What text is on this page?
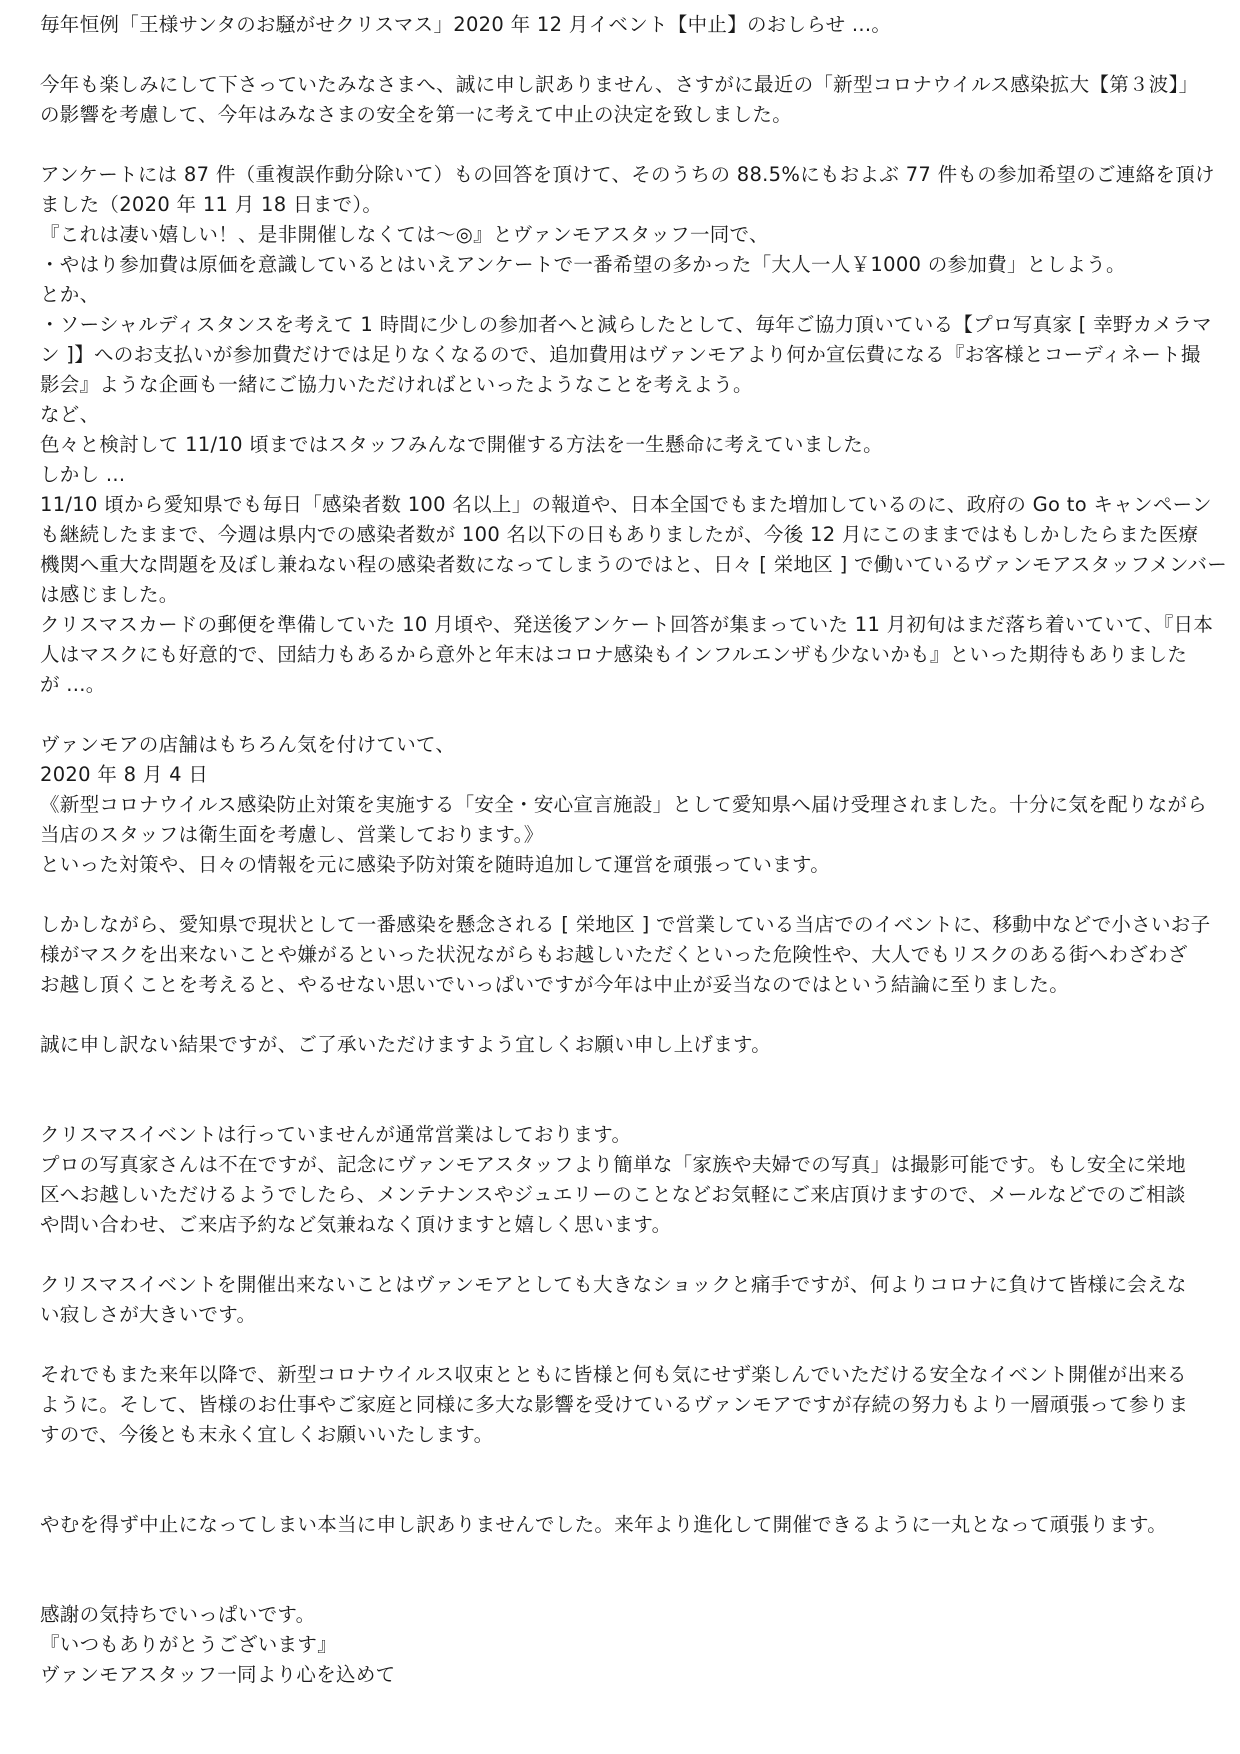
毎年恒例「王様サンタのお騒がせクリスマス」2020 年 12 月イベント【中止】のおしらせ ...。
今年も楽しみにして下さっていたみなさまへ、誠に申し訳ありません、さすがに最近の「新型コロナウイルス感染拡大【第３波】」
の影響を考慮して、今年はみなさまの安全を第一に考えて中止の決定を致しました。
アンケートには 87 件（重複誤作動分除いて）もの回答を頂けて、そのうちの 88.5%にもおよぶ 77 件もの参加希望のご連絡を頂け
ました（2020 年 11 月 18 日まで）。
『これは凄い嬉しい！、是非開催しなくては〜◎』とヴァンモアスタッフ一同で、
・やはり参加費は原価を意識しているとはいえアンケートで一番希望の多かった「大人一人￥1000 の参加費」としよう。
とか、
・ソーシャルディスタンスを考えて 1 時間に少しの参加者へと減らしたとして、毎年ご協力頂いている【プロ写真家 [ 幸野カメラマ
ン ]】へのお支払いが参加費だけでは足りなくなるので、追加費用はヴァンモアより何か宣伝費になる『お客様とコーディネート撮
影会』ような企画も一緒にご協力いただければといったようなことを考えよう。
など、
色々と検討して 11/10 頃まではスタッフみんなで開催する方法を一生懸命に考えていました。
しかし ...
11/10 頃から愛知県でも毎日「感染者数 100 名以上」の報道や、日本全国でもまた増加しているのに、政府の Go to キャンペーン
も継続したままで、今週は県内での感染者数が 100 名以下の日もありましたが、今後 12 月にこのままではもしかしたらまた医療
機関へ重大な問題を及ぼし兼ねない程の感染者数になってしまうのではと、日々 [ 栄地区 ] で働いているヴァンモアスタッフメンバー
は感じました。
クリスマスカードの郵便を準備していた 10 月頃や、発送後アンケート回答が集まっていた 11 月初旬はまだ落ち着いていて、『日本
人はマスクにも好意的で、団結力もあるから意外と年末はコロナ感染もインフルエンザも少ないかも』といった期待もありました
が ...。
ヴァンモアの店舗はもちろん気を付けていて、
2020 年 8 月 4 日
《新型コロナウイルス感染防止対策を実施する「安全・安心宣言施設」として愛知県へ届け受理されました。十分に気を配りながら
当店のスタッフは衛生面を考慮し、営業しております。》
といった対策や、日々の情報を元に感染予防対策を随時追加して運営を頑張っています。
しかしながら、愛知県で現状として一番感染を懸念される [ 栄地区 ] で営業している当店でのイベントに、移動中などで小さいお子
様がマスクを出来ないことや嫌がるといった状況ながらもお越しいただくといった危険性や、大人でもリスクのある街へわざわざ
お越し頂くことを考えると、やるせない思いでいっぱいですが今年は中止が妥当なのではという結論に至りました。
誠に申し訳ない結果ですが、ご了承いただけますよう宜しくお願い申し上げます。
クリスマスイベントは行っていませんが通常営業はしております。
プロの写真家さんは不在ですが、記念にヴァンモアスタッフより簡単な「家族や夫婦での写真」は撮影可能です。もし安全に栄地
区へお越しいただけるようでしたら、メンテナンスやジュエリーのことなどお気軽にご来店頂けますので、メールなどでのご相談
や問い合わせ、ご来店予約など気兼ねなく頂けますと嬉しく思います。
クリスマスイベントを開催出来ないことはヴァンモアとしても大きなショックと痛手ですが、何よりコロナに負けて皆様に会えな
い寂しさが大きいです。
それでもまた来年以降で、新型コロナウイルス収束とともに皆様と何も気にせず楽しんでいただける安全なイベント開催が出来る
ように。そして、皆様のお仕事やご家庭と同様に多大な影響を受けているヴァンモアですが存続の努力もより一層頑張って参りま
すので、今後とも末永く宜しくお願いいたします。
やむを得ず中止になってしまい本当に申し訳ありませんでした。来年より進化して開催できるように一丸となって頑張ります。
感謝の気持ちでいっぱいです。
『いつもありがとうございます』
ヴァンモアスタッフ一同より心を込めて
